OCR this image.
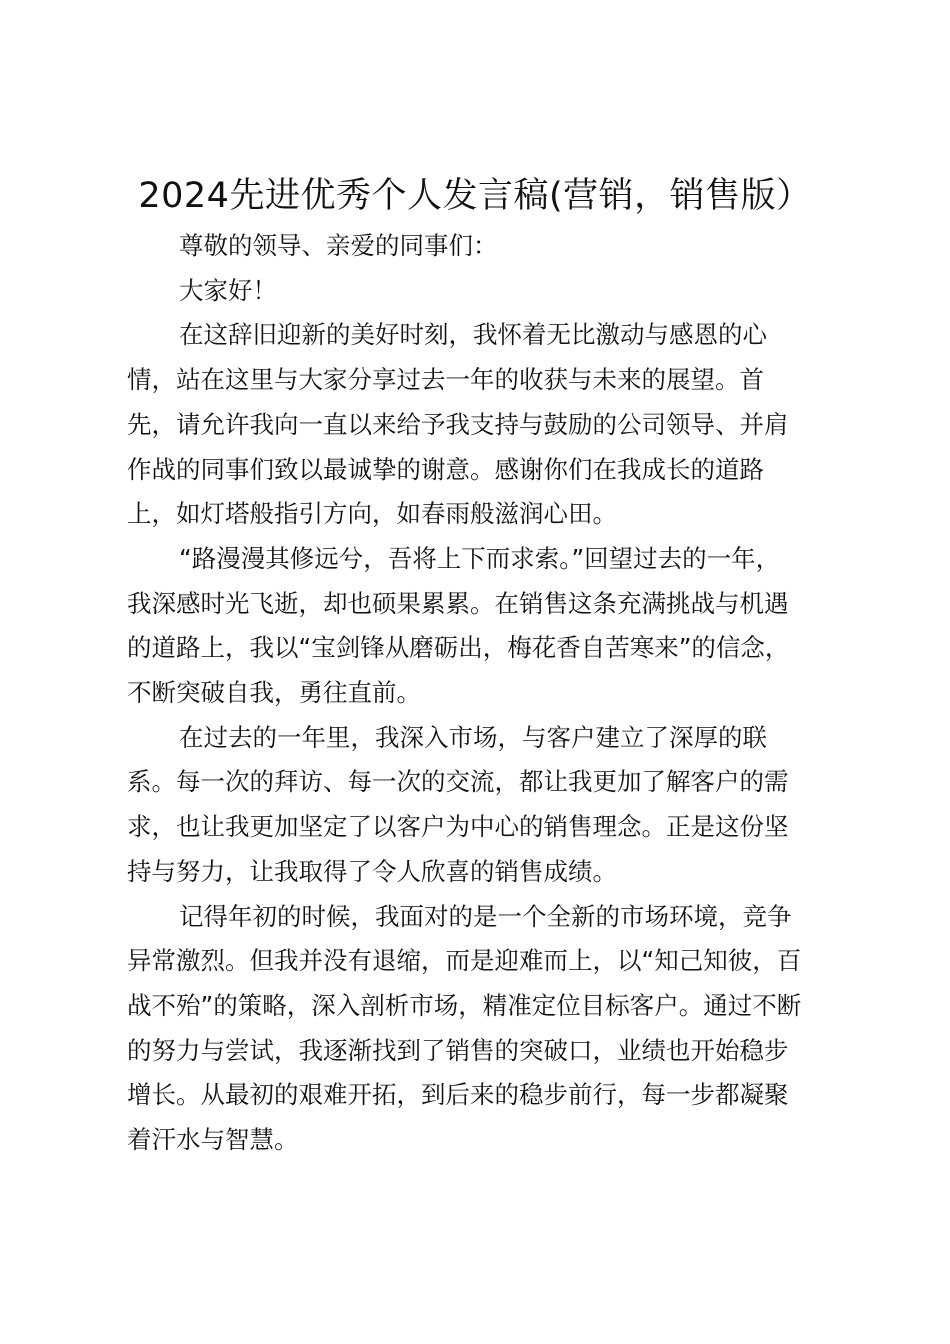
2024先进优秀个人发言稿(营销，销售版）

尊敬的领导、亲爱的同事们：

大家好！

在这辞旧迎新的美好时刻，我怀着无比激动与感恩的心
情，站在这里与大家分享过去一年的收获与未来的展望。首
先，请允许我向一直以来给予我支持与鼓励的公司领导、并肩
作战的同事们致以最诚挚的谢意。感谢你们在我成长的道路
上，如灯塔般指引方向，如春雨般滋润心田。

“路漫漫其修远兮，吾将上下而求索。”回望过去的一年，
我深感时光飞逝，却也硕果累累。在销售这条充满挑战与机遇
的道路上，我以“宝剑锋从磨砺出，梅花香自苦寒来”的信念，
不断突破自我，勇往直前。

在过去的一年里，我深入市场，与客户建立了深厚的联
系。每一次的拜访、每一次的交流，都让我更加了解客户的需
求，也让我更加坚定了以客户为中心的销售理念。正是这份坚
持与努力，让我取得了令人欣喜的销售成绩。

记得年初的时候，我面对的是一个全新的市场环境，竞争
异常激烈。但我并没有退缩，而是迎难而上，以“知己知彼，百
战不殆”的策略，深入剖析市场，精准定位目标客户。通过不断
的努力与尝试，我逐渐找到了销售的突破口，业绩也开始稳步
增长。从最初的艰难开拓，到后来的稳步前行，每一步都凝聚
着汗水与智慧。
